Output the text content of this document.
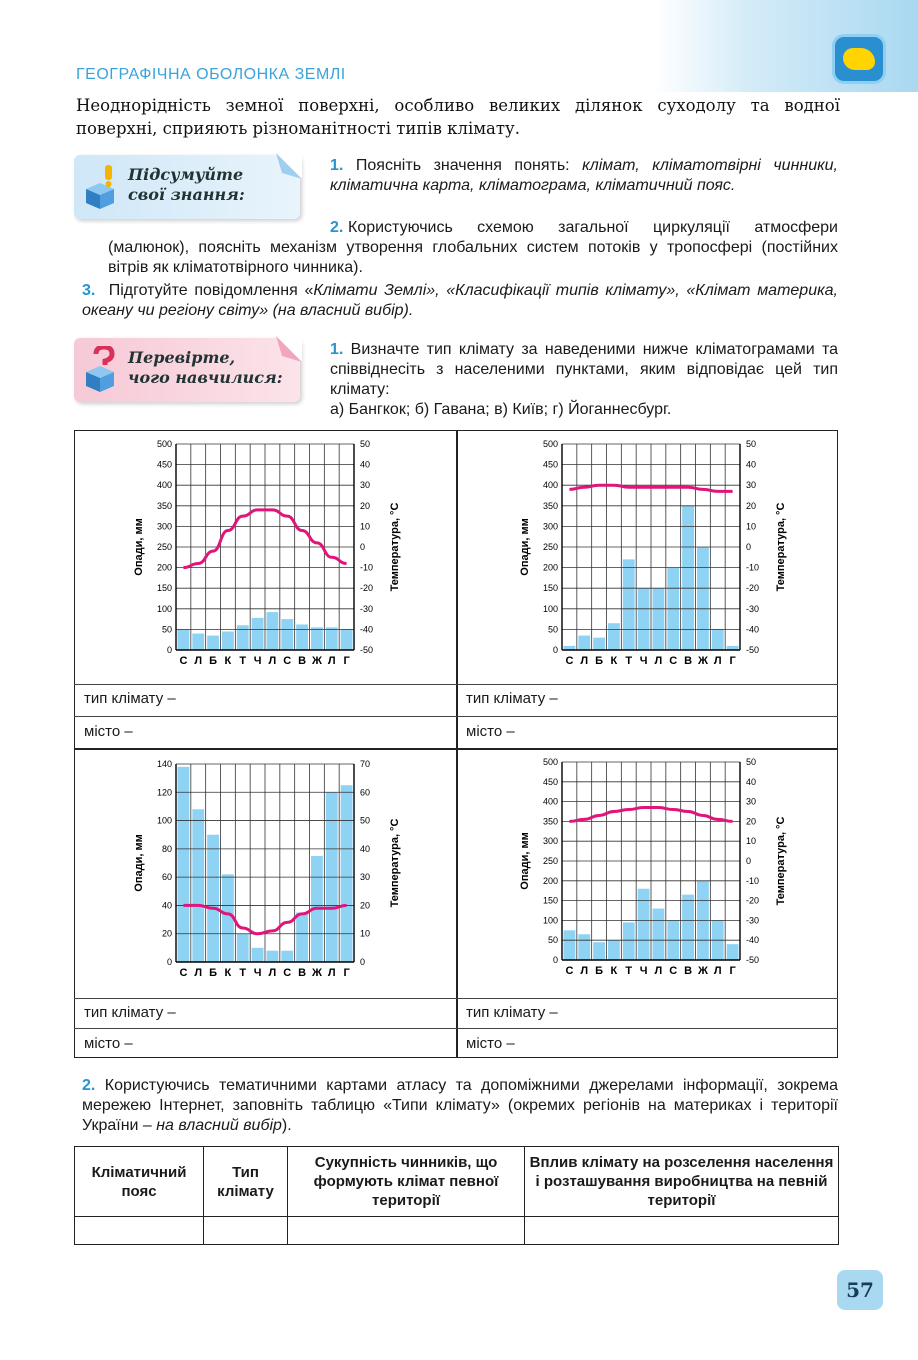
ГЕОГРАФІЧНА ОБОЛОНКА ЗЕМЛІ
Неоднорідність земної поверхні, особливо великих ділянок суходолу та водної поверхні, сприяють різноманітності типів клімату.
Підсумуйте
свої знання:
1. Поясніть значення понять: клімат, кліматотвірні чинники, кліматична карта, кліматограма, кліматичний пояс.
2. Користуючись схемою загальної циркуляції атмосфери (малюнок), поясніть механізм утворення глобальних систем потоків у тропосфері (постійних вітрів як кліматотвірного чинника).
3. Підготуйте повідомлення «Клімати Землі», «Класифікації типів клімату», «Клімат материка, океану чи регіону світу» (на власний вибір).
Перевірте,
чого навчилися:
1. Визначте тип клімату за наведеними нижче кліматограмами та співвіднесіть з населеними пунктами, яким відповідає цей тип клімату:
а) Бангкок; б) Гавана; в) Київ; г) Йоганнесбург.
тип клімату –	тип клімату –
місто –	місто –
тип клімату –	тип клімату –
місто –	місто –
0
50
100
150
200
250
300
350
400
450
500
-50
-40
-30
-20
-10
0
10
20
30
40
50
С Л Б К Т Ч Л С В Ж Л Г
Опади, мм	Температура, °С
0
50
100
150
200
250
300
350
400
450
500
-50
-40
-30
-20
-10
0
10
20
30
40
50
С Л Б К Т Ч Л С В Ж Л Г
Опади, мм	Температура, °С
0
20
40
60
80
100
120
140
0
10
20
30
40
50
60
70
С Л Б К Т Ч Л С В Ж Л Г
Опади, мм	Температура, °С
0
50
100
150
200
250
300
350
400
450
500
-50
-40
-30
-20
-10
0
10
20
30
40
50
С Л Б К Т Ч Л С В Ж Л Г
Опади, мм	Температура, °С
2. Користуючись тематичними картами атласу та допоміжними джерелами інформації, зокрема мережею Інтернет, заповніть таблицю «Типи клімату» (окремих регіонів на материках і території України – на власний вибір).
Кліматичний пояс	Тип клімату	Сукупність чинників, що формують клімат певної території	Вплив клімату на розселення населення і розташування виробництва на певній території

57
